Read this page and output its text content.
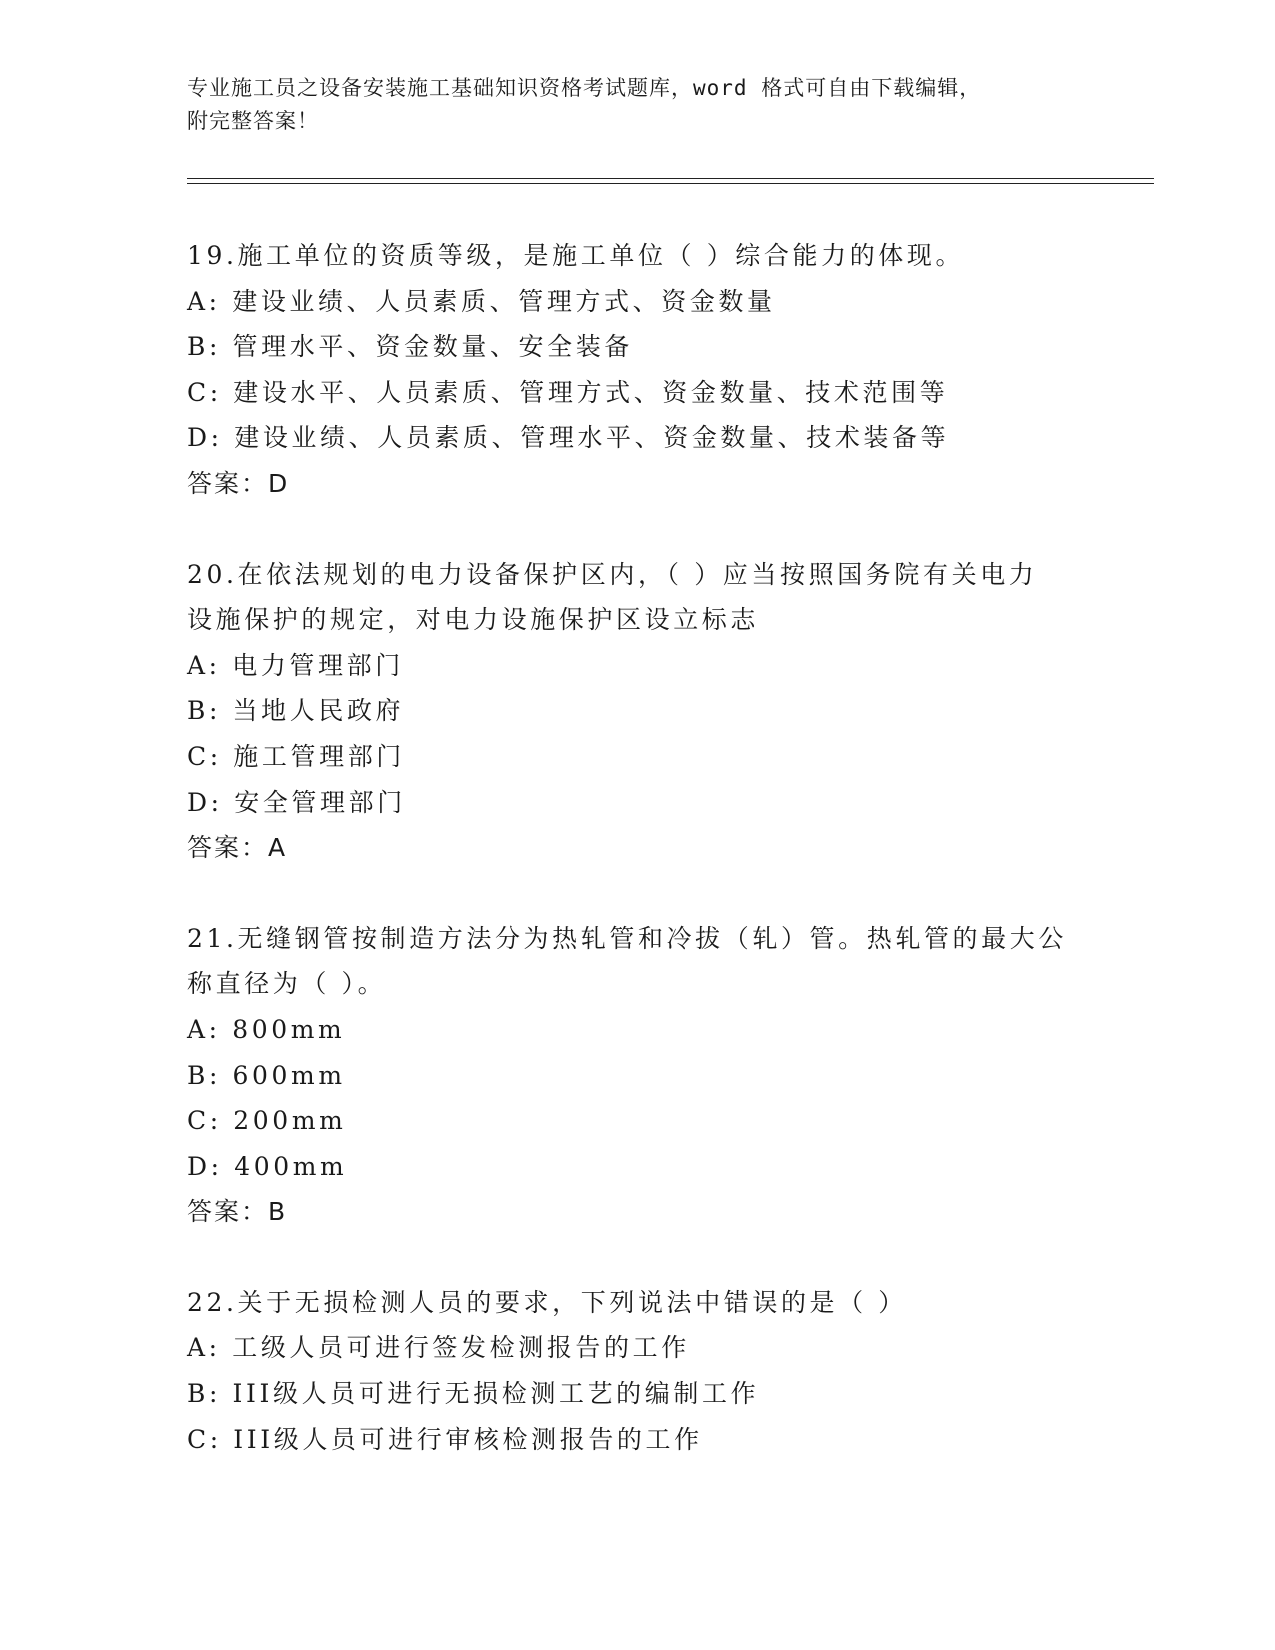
专业施工员之设备安装施工基础知识资格考试题库，word 格式可自由下载编辑，
附完整答案！
19.施工单位的资质等级，是施工单位（ ）综合能力的体现。
A: 建设业绩、人员素质、管理方式、资金数量
B: 管理水平、资金数量、安全装备
C: 建设水平、人员素质、管理方式、资金数量、技术范围等
D: 建设业绩、人员素质、管理水平、资金数量、技术装备等
答案：D
20.在依法规划的电力设备保护区内，（ ）应当按照国务院有关电力
设施保护的规定，对电力设施保护区设立标志
A: 电力管理部门
B: 当地人民政府
C: 施工管理部门
D: 安全管理部门
答案：A
21.无缝钢管按制造方法分为热轧管和冷拔（轧）管。热轧管的最大公
称直径为（ ）。
A: 800mm
B: 600mm
C: 200mm
D: 400mm
答案：B
22.关于无损检测人员的要求，下列说法中错误的是（ ）
A: 工级人员可进行签发检测报告的工作
B: III级人员可进行无损检测工艺的编制工作
C: III级人员可进行审核检测报告的工作
